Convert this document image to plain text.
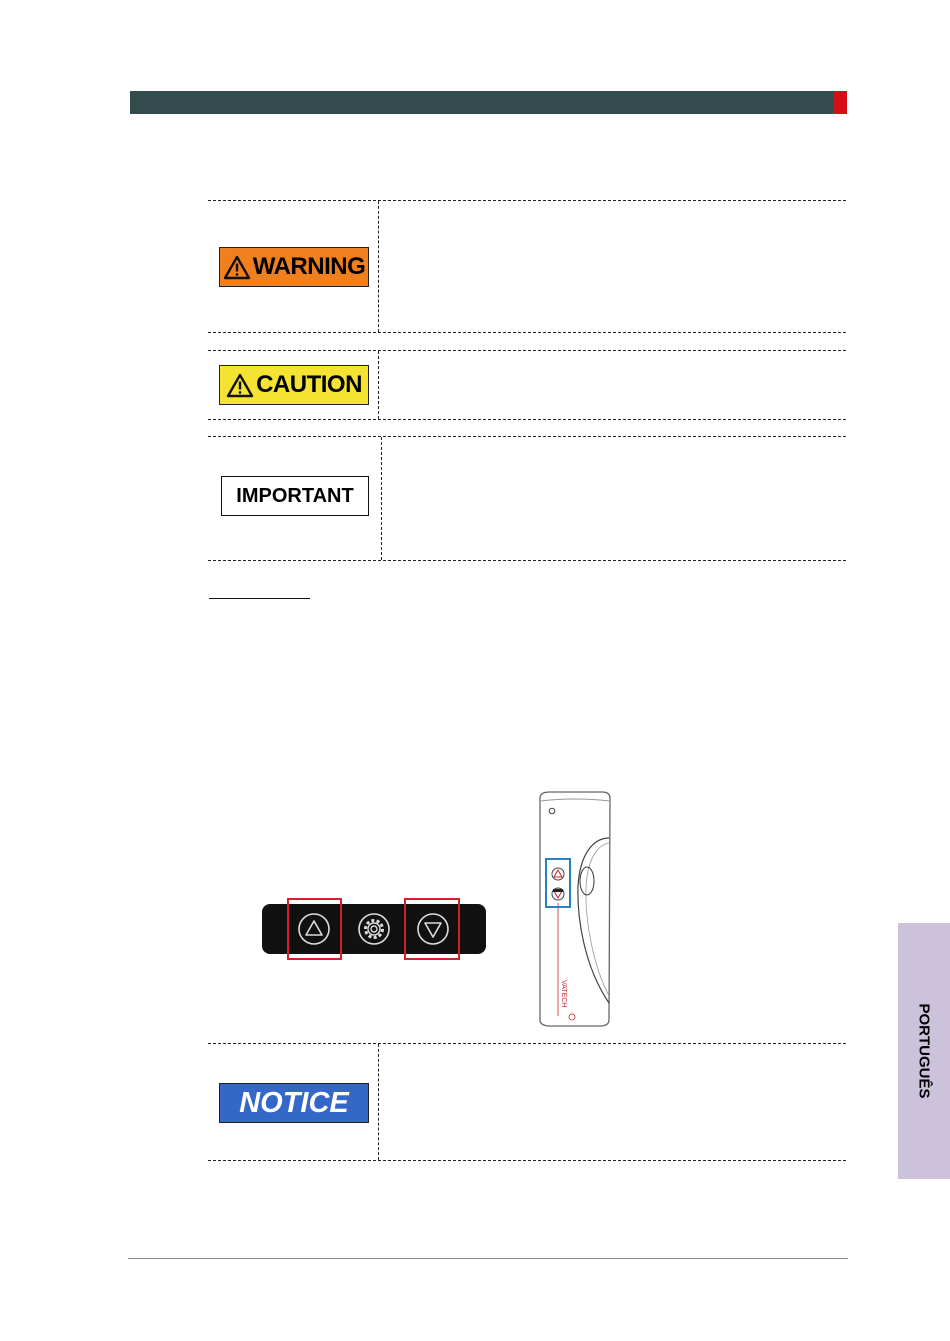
WARNING
CAUTION
IMPORTANT
VATECH
NOTICE
PORTUGUÊS
